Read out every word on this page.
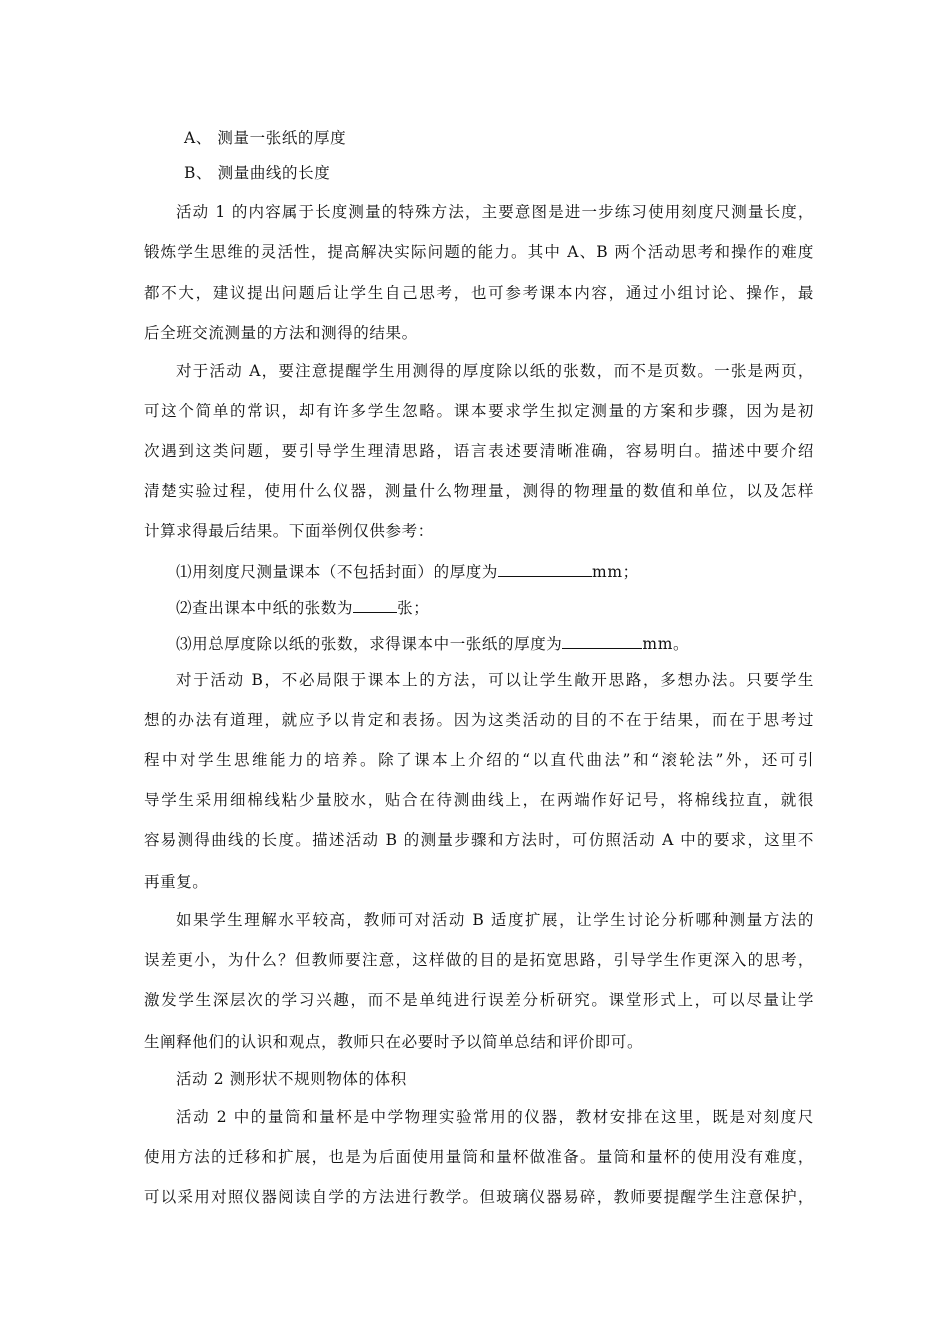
A、 测量一张纸的厚度
B、 测量曲线的长度
活动 1 的内容属于长度测量的特殊方法，主要意图是进一步练习使用刻度尺测量长度，
锻炼学生思维的灵活性，提高解决实际问题的能力。其中 A、B 两个活动思考和操作的难度
都不大，建议提出问题后让学生自己思考，也可参考课本内容，通过小组讨论、操作，最
后全班交流测量的方法和测得的结果。
对于活动 A，要注意提醒学生用测得的厚度除以纸的张数，而不是页数。一张是两页，
可这个简单的常识，却有许多学生忽略。课本要求学生拟定测量的方案和步骤，因为是初
次遇到这类问题，要引导学生理清思路，语言表述要清晰准确，容易明白。描述中要介绍
清楚实验过程，使用什么仪器，测量什么物理量，测得的物理量的数值和单位，以及怎样
计算求得最后结果。下面举例仅供参考：
⑴用刻度尺测量课本（不包括封面）的厚度为	mm；
⑵查出课本中纸的张数为	张；
⑶用总厚度除以纸的张数，求得课本中一张纸的厚度为	mm。
对于活动 B，不必局限于课本上的方法，可以让学生敞开思路，多想办法。只要学生
想的办法有道理，就应予以肯定和表扬。因为这类活动的目的不在于结果，而在于思考过
程中对学生思维能力的培养。除了课本上介绍的“以直代曲法”和“滚轮法”外，还可引
导学生采用细棉线粘少量胶水，贴合在待测曲线上，在两端作好记号，将棉线拉直，就很
容易测得曲线的长度。描述活动 B 的测量步骤和方法时，可仿照活动 A 中的要求，这里不
再重复。
如果学生理解水平较高，教师可对活动 B 适度扩展，让学生讨论分析哪种测量方法的
误差更小，为什么？但教师要注意，这样做的目的是拓宽思路，引导学生作更深入的思考，
激发学生深层次的学习兴趣，而不是单纯进行误差分析研究。课堂形式上，可以尽量让学
生阐释他们的认识和观点，教师只在必要时予以简单总结和评价即可。
活动 2 测形状不规则物体的体积
活动 2 中的量筒和量杯是中学物理实验常用的仪器，教材安排在这里，既是对刻度尺
使用方法的迁移和扩展，也是为后面使用量筒和量杯做准备。量筒和量杯的使用没有难度，
可以采用对照仪器阅读自学的方法进行教学。但玻璃仪器易碎，教师要提醒学生注意保护，
